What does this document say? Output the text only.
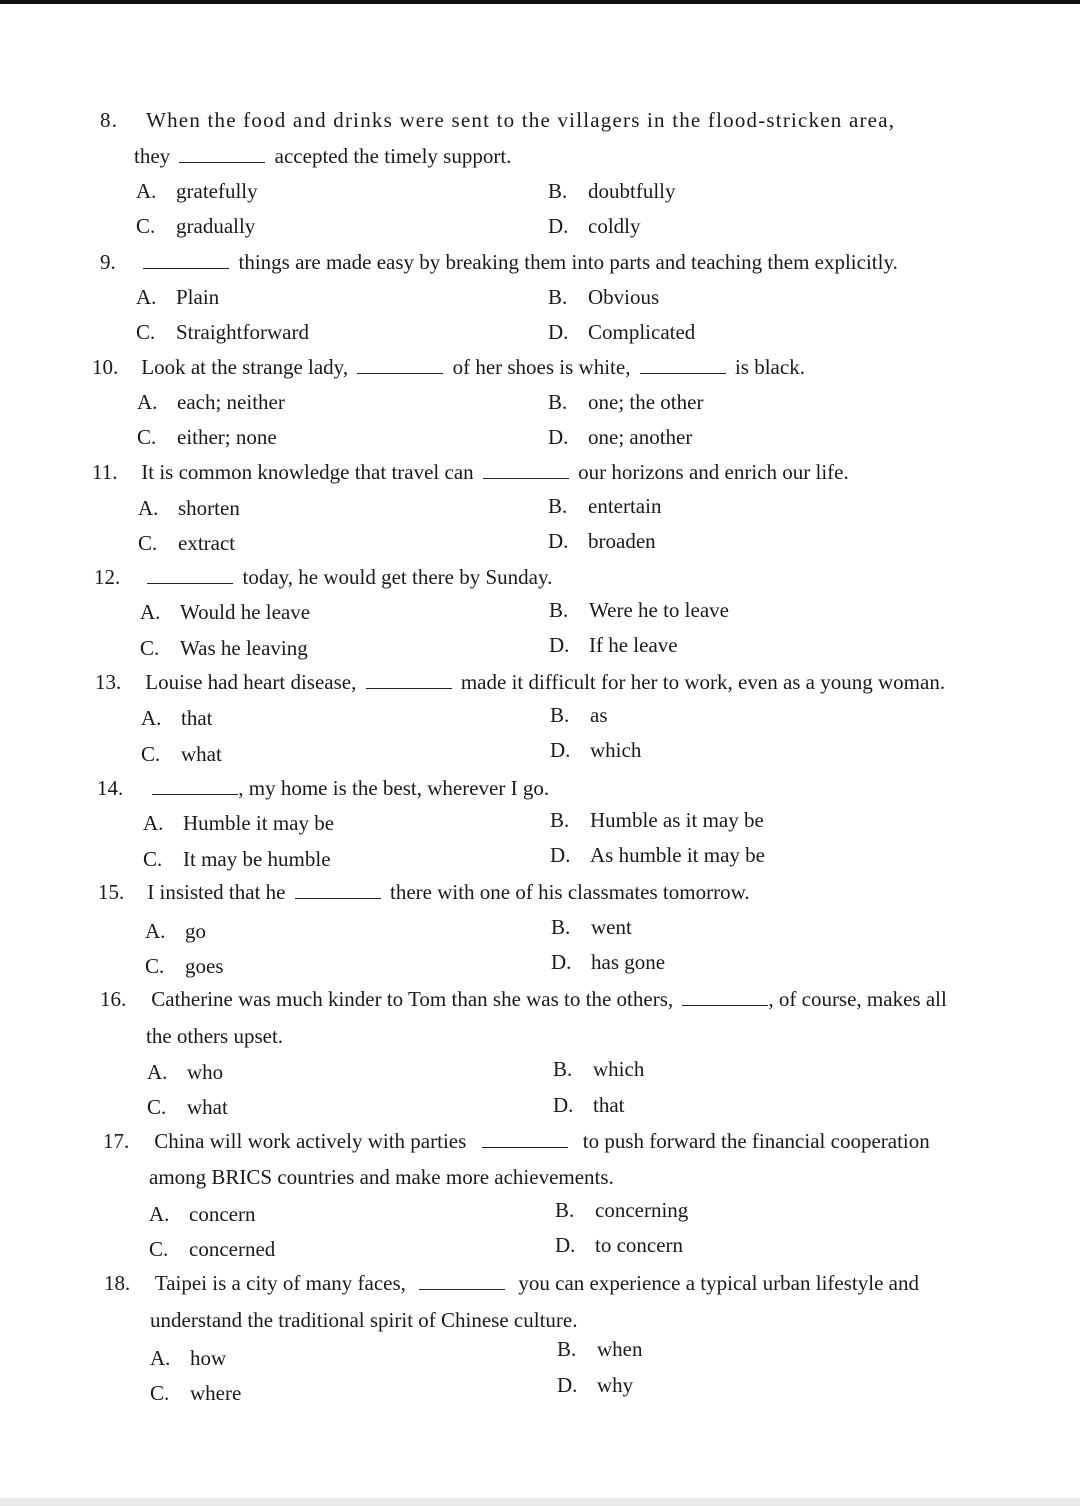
8. When the food and drinks were sent to the villagers in the flood-stricken area,
they	accepted the timely support.
A. gratefully	B. doubtfully
C. gradually	D. coldly
9.	things are made easy by breaking them into parts and teaching them explicitly.
A. Plain	B. Obvious
C. Straightforward	D. Complicated
10. Look at the strange lady,	of her shoes is white,	is black.
A. each; neither	B. one; the other
C. either; none	D. one; another
11. It is common knowledge that travel can	our horizons and enrich our life.
A. shorten	B. entertain
C. extract	D. broaden
12.	today, he would get there by Sunday.
A. Would he leave	B. Were he to leave
C. Was he leaving	D. If he leave
13. Louise had heart disease,	made it difficult for her to work, even as a young woman.
A. that	B. as
C. what	D. which
14.	, my home is the best, wherever I go.
A. Humble it may be	B. Humble as it may be
C. It may be humble	D. As humble it may be
15. I insisted that he	there with one of his classmates tomorrow.
A. go	B. went
C. goes	D. has gone
16. Catherine was much kinder to Tom than she was to the others,	, of course, makes all
the others upset.
A. who	B. which
C. what	D. that
17. China will work actively with parties	to push forward the financial cooperation
among BRICS countries and make more achievements.
A. concern	B. concerning
C. concerned	D. to concern
18. Taipei is a city of many faces,	you can experience a typical urban lifestyle and
understand the traditional spirit of Chinese culture.
A. how	B. when
C. where	D. why
